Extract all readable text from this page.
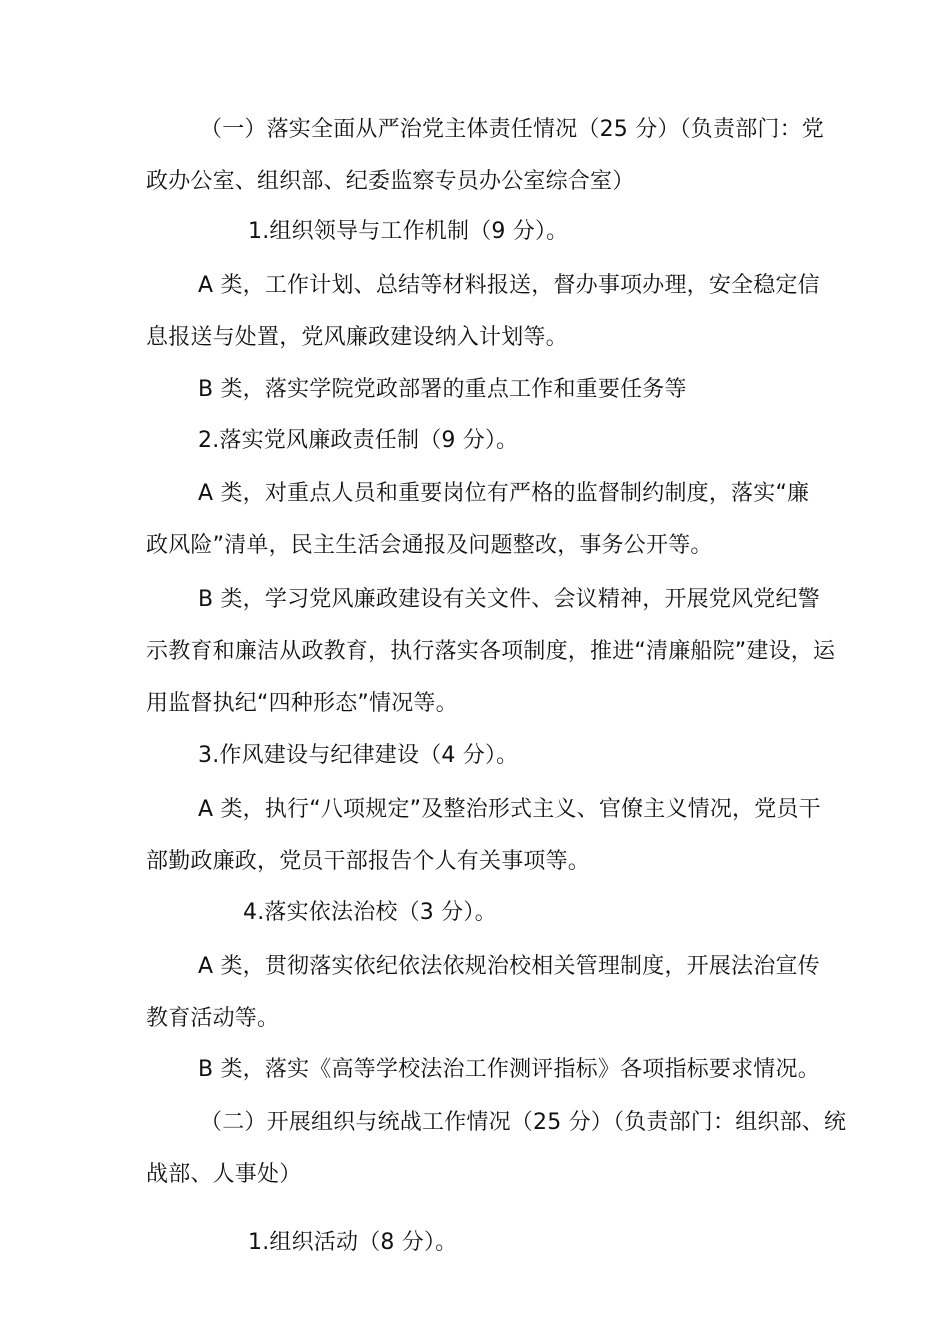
（一）落实全面从严治党主体责任情况（25 分）（负责部门：党
政办公室、组织部、纪委监察专员办公室综合室）
1.组织领导与工作机制（9 分）。
A 类，工作计划、总结等材料报送，督办事项办理，安全稳定信
息报送与处置，党风廉政建设纳入计划等。
B 类，落实学院党政部署的重点工作和重要任务等
2.落实党风廉政责任制（9 分）。
A 类，对重点人员和重要岗位有严格的监督制约制度，落实“廉
政风险”清单，民主生活会通报及问题整改，事务公开等。
B 类，学习党风廉政建设有关文件、会议精神，开展党风党纪警
示教育和廉洁从政教育，执行落实各项制度，推进“清廉船院”建设，运
用监督执纪“四种形态”情况等。
3.作风建设与纪律建设（4 分）。
A 类，执行“八项规定”及整治形式主义、官僚主义情况，党员干
部勤政廉政，党员干部报告个人有关事项等。
4.落实依法治校（3 分）。
A 类，贯彻落实依纪依法依规治校相关管理制度，开展法治宣传
教育活动等。
B 类，落实《高等学校法治工作测评指标》各项指标要求情况。
（二）开展组织与统战工作情况（25 分）（负责部门：组织部、统
战部、人事处）
1.组织活动（8 分）。
